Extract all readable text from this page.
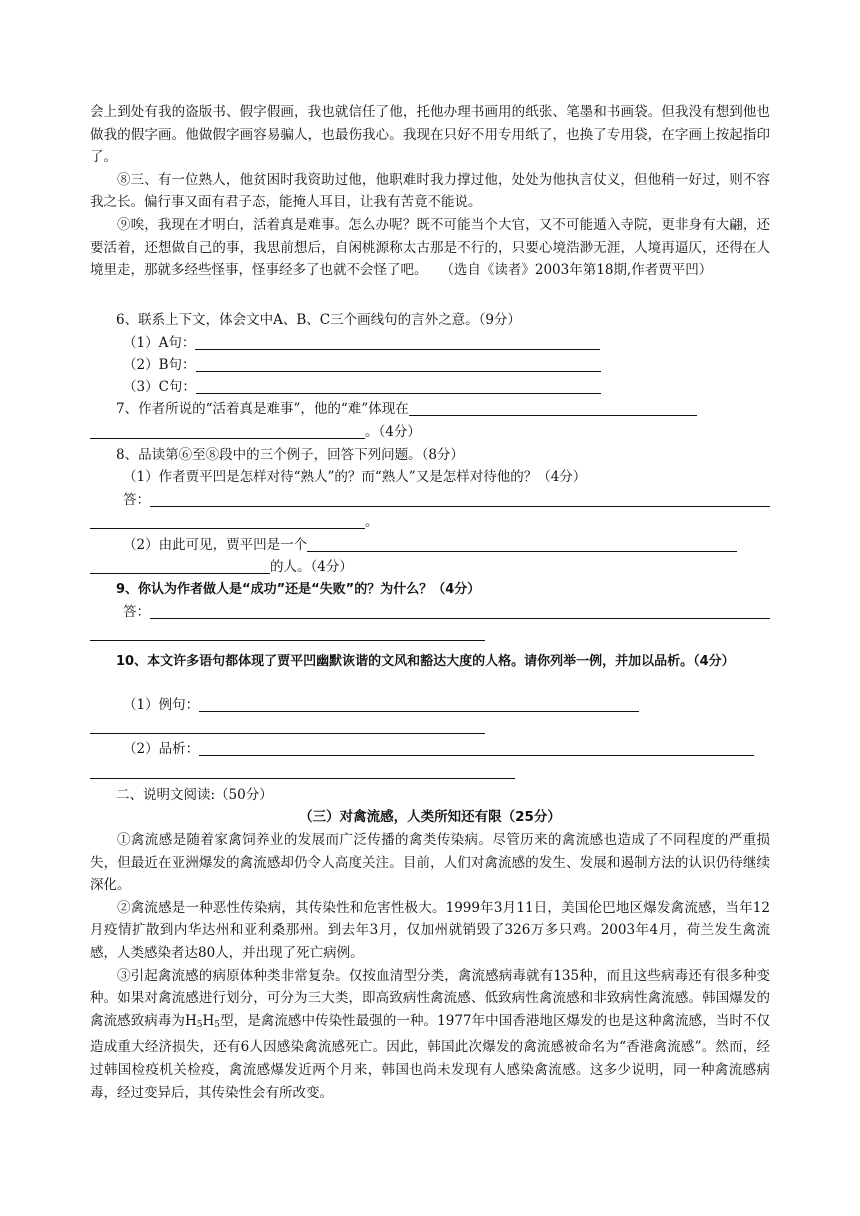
会上到处有我的盗版书、假字假画，我也就信任了他，托他办理书画用的纸张、笔墨和书画袋。但我没有想到他也做我的假字画。他做假字画容易骗人，也最伤我心。我现在只好不用专用纸了，也换了专用袋，在字画上按起指印了。
⑧三、有一位熟人，他贫困时我资助过他，他职难时我力撑过他，处处为他执言仗义，但他稍一好过，则不容我之长。偏行事又面有君子态，能掩人耳目，让我有苦竟不能说。
⑨唉，我现在才明白，活着真是难事。怎么办呢？既不可能当个大官，又不可能遁入寺院，更非身有大翩，还要活着，还想做自己的事，我思前想后，自闲桃源称太古那是不行的，只要心境浩渺无涯，人境再逼仄，还得在人境里走，那就多经些怪事，怪事经多了也就不会怪了吧。 （选自《读者》2003年第18期,作者贾平凹）
6、联系上下文，体会文中A、B、C三个画线句的言外之意。（9分）
（1）A句：
（2）B句：
（3）C句：
7、作者所说的“活着真是难事”，他的“难”体现在
。（4分）
8、品读第⑥至⑧段中的三个例子，回答下列问题。（8分）
（1）作者贾平凹是怎样对待“熟人”的？而“熟人”又是怎样对待他的？（4分）
答：
。
（2）由此可见，贾平凹是一个
的人。（4分）
9、你认为作者做人是“成功”还是“失败”的？为什么？（4分）
答：
10、本文许多语句都体现了贾平凹幽默诙谐的文风和豁达大度的人格。请你列举一例，并加以品析。（4分）
（1）例句：
（2）品析：
二、说明文阅读:（50分）
（三）对禽流感，人类所知还有限（25分）
①禽流感是随着家禽饲养业的发展而广泛传播的禽类传染病。尽管历来的禽流感也造成了不同程度的严重损失，但最近在亚洲爆发的禽流感却仍令人高度关注。目前，人们对禽流感的发生、发展和遏制方法的认识仍待继续深化。
②禽流感是一种恶性传染病，其传染性和危害性极大。1999年3月11日，美国伦巴地区爆发禽流感，当年12月疫情扩散到内华达州和亚利桑那州。到去年3月，仅加州就销毁了326万多只鸡。2003年4月，荷兰发生禽流感，人类感染者达80人，并出现了死亡病例。
③引起禽流感的病原体种类非常复杂。仅按血清型分类，禽流感病毒就有135种，而且这些病毒还有很多种变种。如果对禽流感进行划分，可分为三大类，即高致病性禽流感、低致病性禽流感和非致病性禽流感。韩国爆发的禽流感致病毒为$H_5H_5$型，是禽流感中传染性最强的一种。1977年中国香港地区爆发的也是这种禽流感，当时不仅造成重大经济损失，还有6人因感染禽流感死亡。因此，韩国此次爆发的禽流感被命名为“香港禽流感”。然而，经过韩国检疫机关检疫，禽流感爆发近两个月来，韩国也尚未发现有人感染禽流感。这多少说明，同一种禽流感病毒，经过变异后，其传染性会有所改变。
